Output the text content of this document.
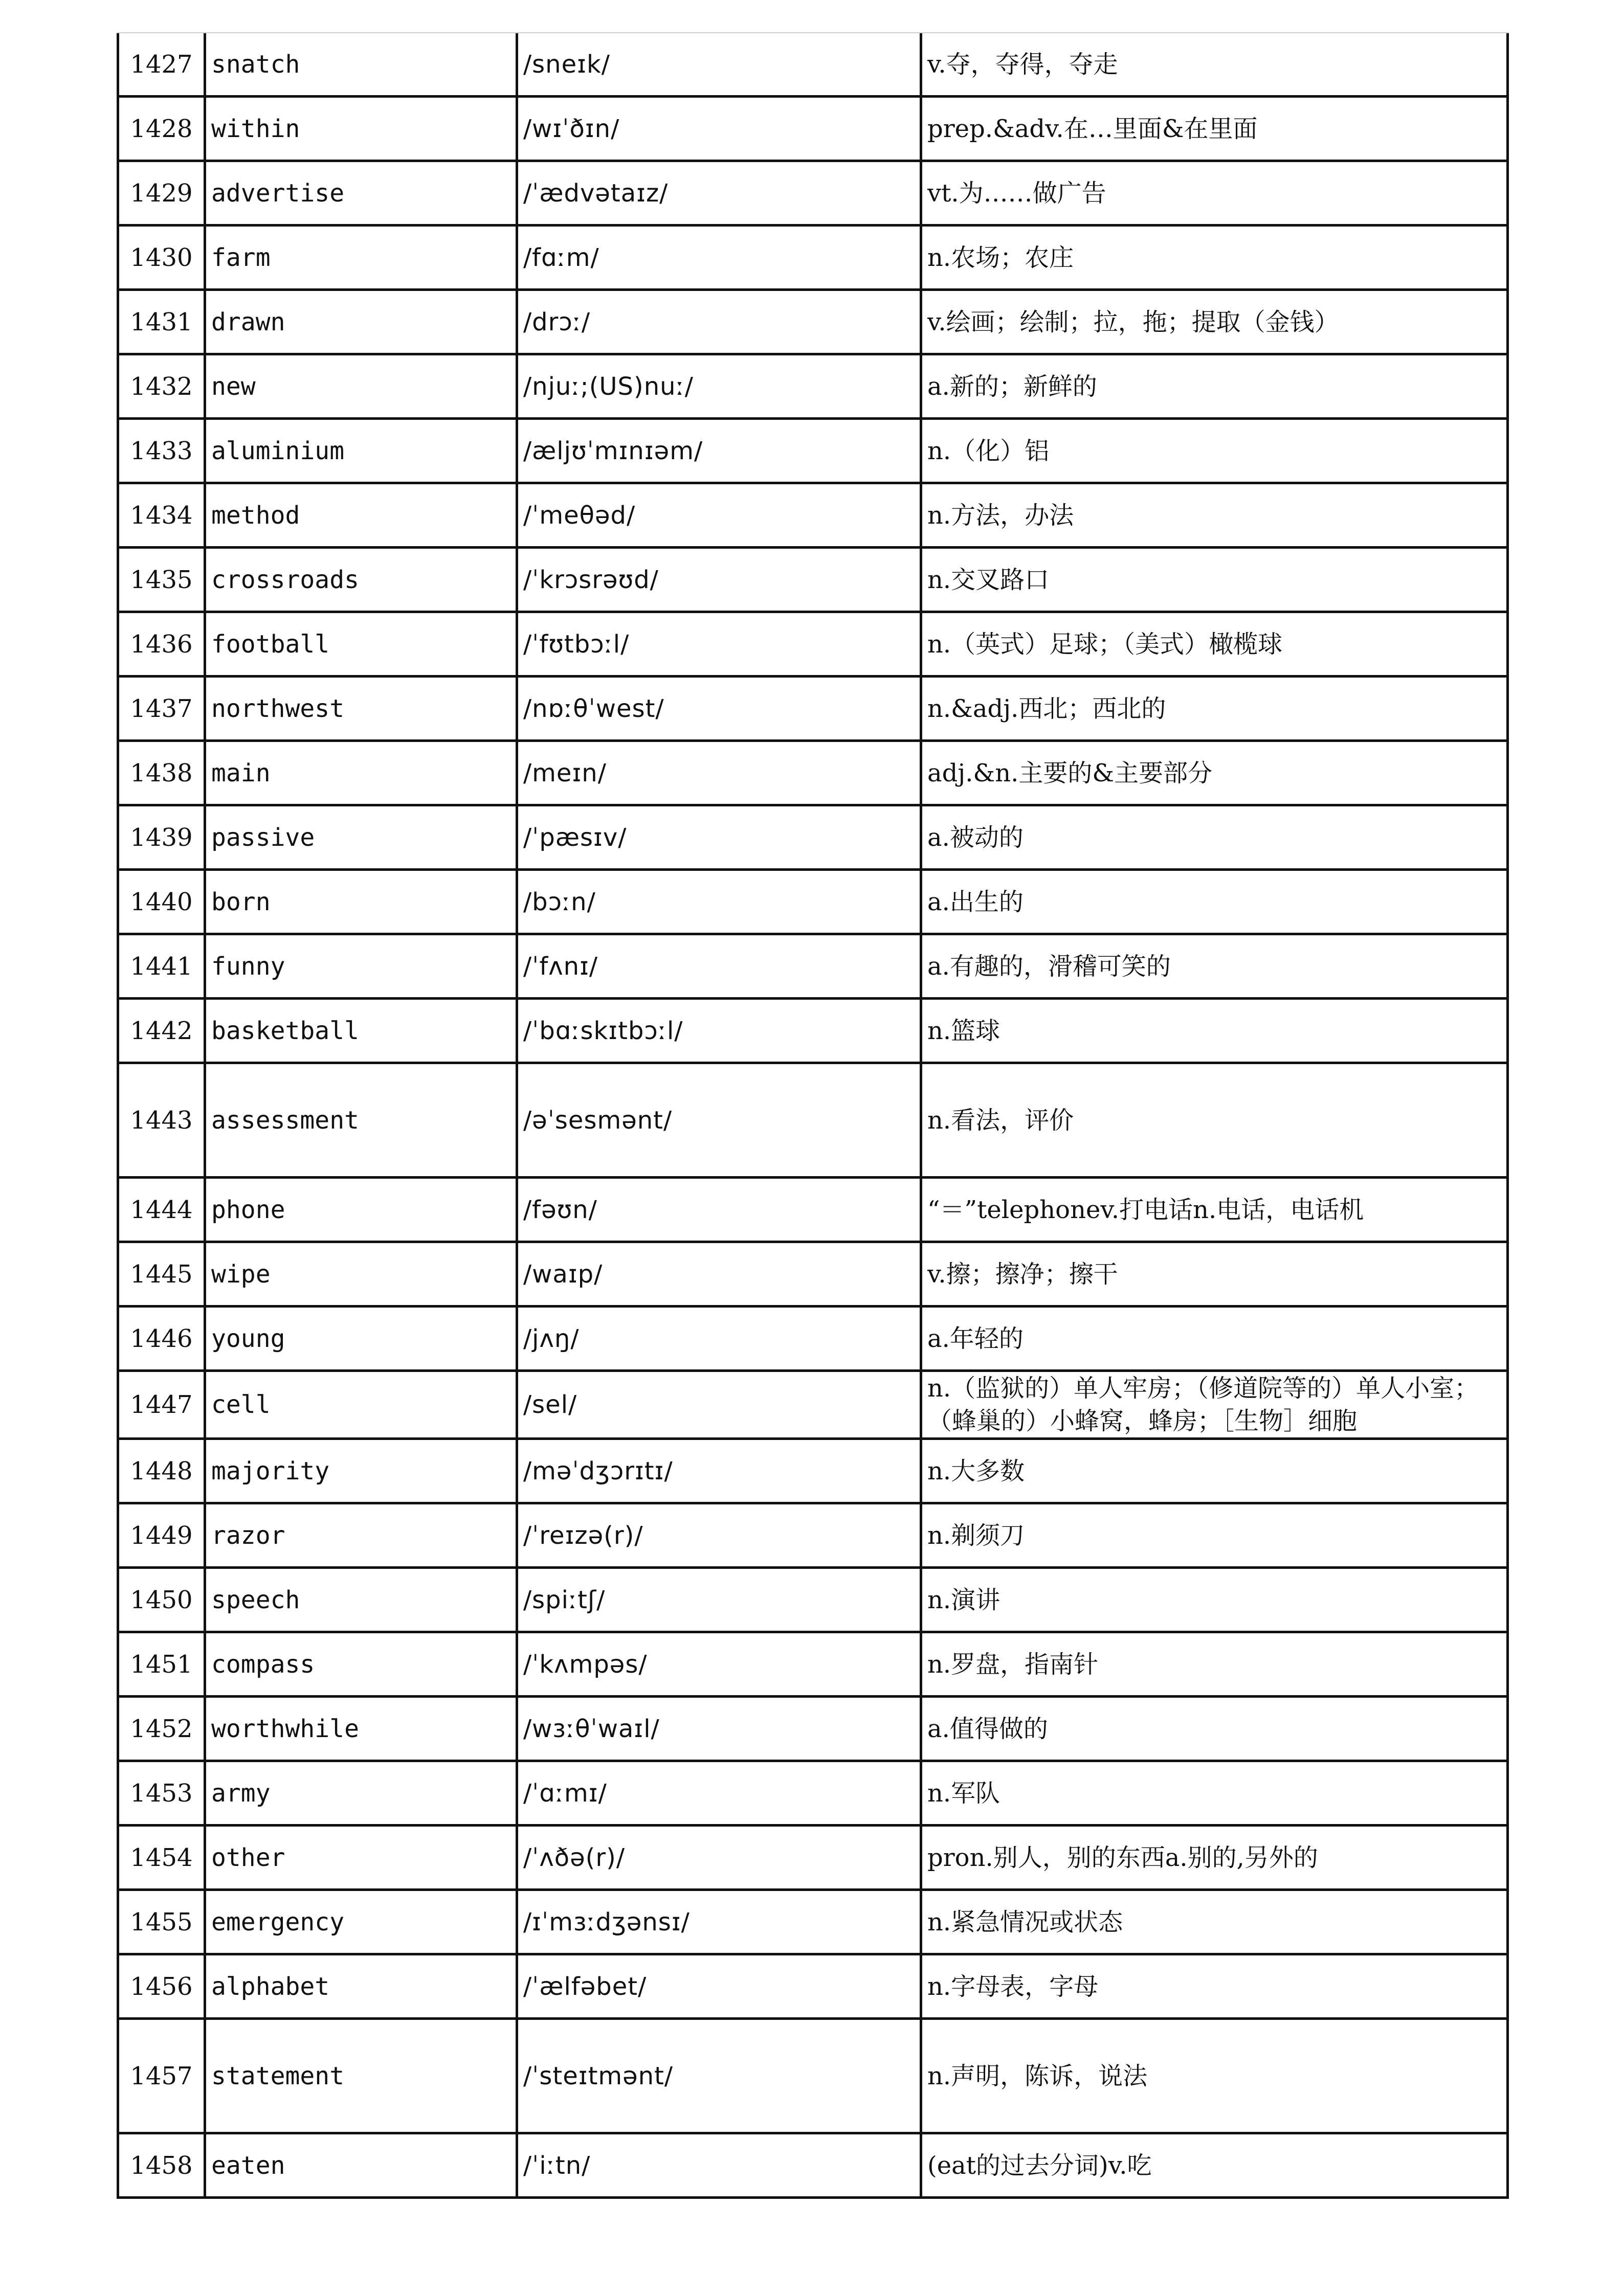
1427	snatch	/sneɪk/	v.夺，夺得，夺走
1428	within	/wɪˈðɪn/	prep.&adv.在…里面&在里面
1429	advertise	/ˈædvətaɪz/	vt.为……做广告
1430	farm	/fɑːm/	n.农场；农庄
1431	drawn	/drɔː/	v.绘画；绘制；拉，拖；提取（金钱）
1432	new	/njuː;(US)nuː/	a.新的；新鲜的
1433	aluminium	/æljʊˈmɪnɪəm/	n.（化）铝
1434	method	/ˈmeθəd/	n.方法，办法
1435	crossroads	/ˈkrɔsrəʊd/	n.交叉路口
1436	football	/ˈfʊtbɔːl/	n.（英式）足球；（美式）橄榄球
1437	northwest	/nɒːθˈwest/	n.&adj.西北；西北的
1438	main	/meɪn/	adj.&n.主要的&主要部分
1439	passive	/ˈpæsɪv/	a.被动的
1440	born	/bɔːn/	a.出生的
1441	funny	/ˈfʌnɪ/	a.有趣的，滑稽可笑的
1442	basketball	/ˈbɑːskɪtbɔːl/	n.篮球
1443	assessment	/əˈsesmənt/	n.看法，评价
1444	phone	/fəʊn/	“＝”telephonev.打电话n.电话，电话机
1445	wipe	/waɪp/	v.擦；擦净；擦干
1446	young	/jʌŋ/	a.年轻的
1447	cell	/sel/	n.（监狱的）单人牢房；（修道院等的）单人小室；（蜂巢的）小蜂窝，蜂房；［生物］细胞
1448	majority	/məˈdʒɔrɪtɪ/	n.大多数
1449	razor	/ˈreɪzə(r)/	n.剃须刀
1450	speech	/spiːtʃ/	n.演讲
1451	compass	/ˈkʌmpəs/	n.罗盘，指南针
1452	worthwhile	/wɜːθˈwaɪl/	a.值得做的
1453	army	/ˈɑːmɪ/	n.军队
1454	other	/ˈʌðə(r)/	pron.别人，别的东西a.别的,另外的
1455	emergency	/ɪˈmɜːdʒənsɪ/	n.紧急情况或状态
1456	alphabet	/ˈælfəbet/	n.字母表，字母
1457	statement	/ˈsteɪtmənt/	n.声明，陈诉，说法
1458	eaten	/ˈiːtn/	(eat的过去分词)v.吃
